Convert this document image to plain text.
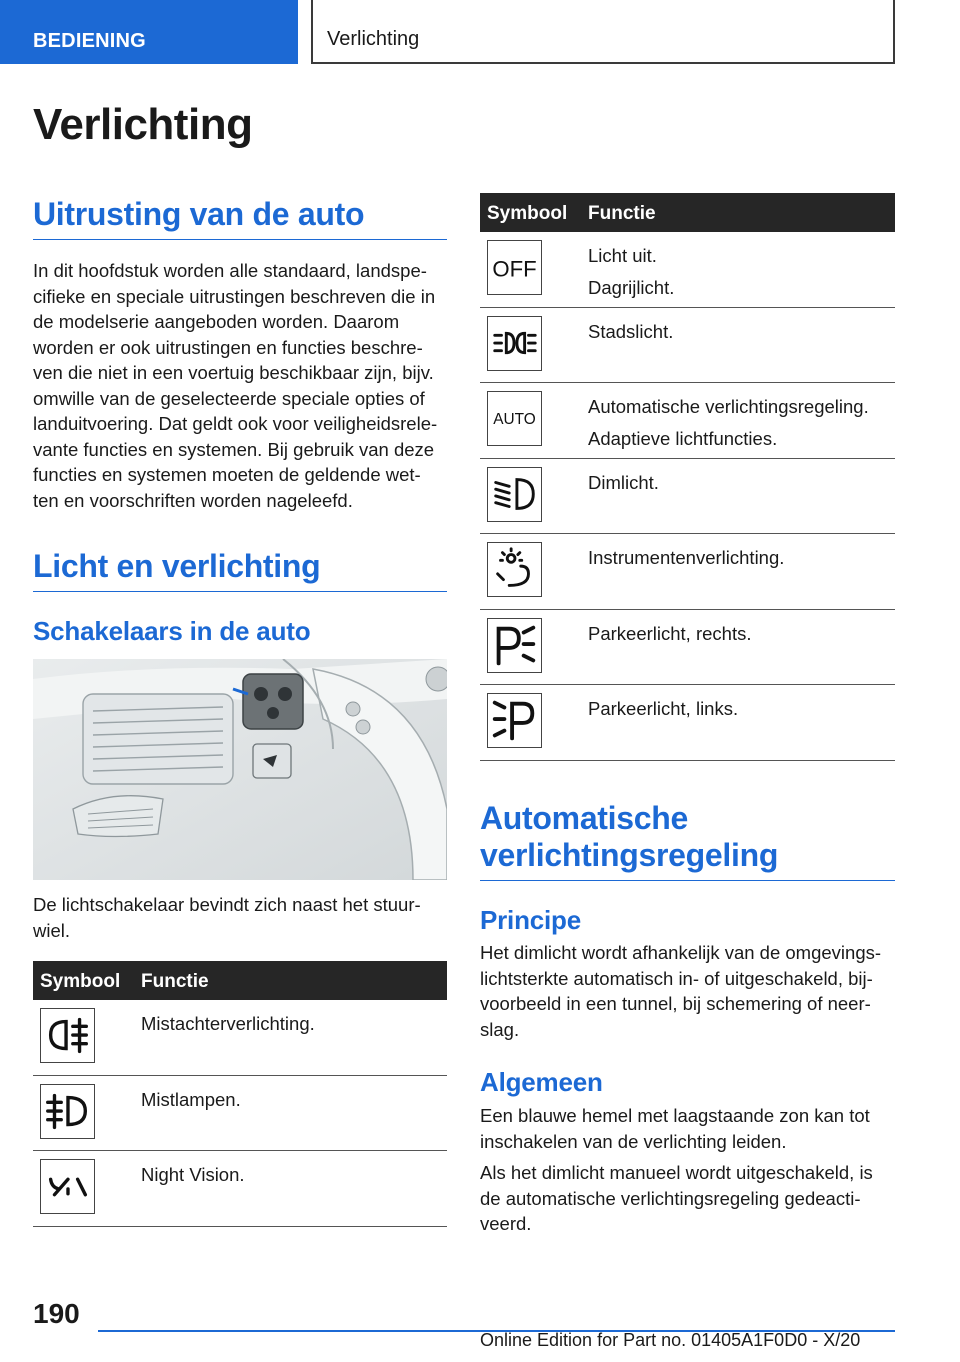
BEDIENING	Verlichting
Verlichting
Uitrusting van de auto
In dit hoofdstuk worden alle standaard, landspe-
cifieke en speciale uitrustingen beschreven die in
de modelserie aangeboden worden. Daarom
worden er ook uitrustingen en functies beschre-
ven die niet in een voertuig beschikbaar zijn, bijv.
omwille van de geselecteerde speciale opties of
landuitvoering. Dat geldt ook voor veiligheidsrele-
vante functies en systemen. Bij gebruik van deze
functies en systemen moeten de geldende wet-
ten en voorschriften worden nageleefd.
Licht en verlichting
Schakelaars in de auto
De lichtschakelaar bevindt zich naast het stuur-
wiel.
Symbool Functie
Mistachterverlichting.
Mistlampen.
Night Vision.
Symbool Functie
OFF
Licht uit.
Dagrijlicht.
Stadslicht.
AUTO
Automatische verlichtingsregeling.
Adaptieve lichtfuncties.
Dimlicht.
Instrumentenverlichting.
Parkeerlicht, rechts.
Parkeerlicht, links.
Automatische
verlichtingsregeling
Principe
Het dimlicht wordt afhankelijk van de omgevings-
lichtsterkte automatisch in- of uitgeschakeld, bij-
voorbeeld in een tunnel, bij schemering of neer-
slag.
Algemeen
Een blauwe hemel met laagstaande zon kan tot
inschakelen van de verlichting leiden.
Als het dimlicht manueel wordt uitgeschakeld, is
de automatische verlichtingsregeling gedeacti-
veerd.
190
Online Edition for Part no. 01405A1F0D0 - X/20
